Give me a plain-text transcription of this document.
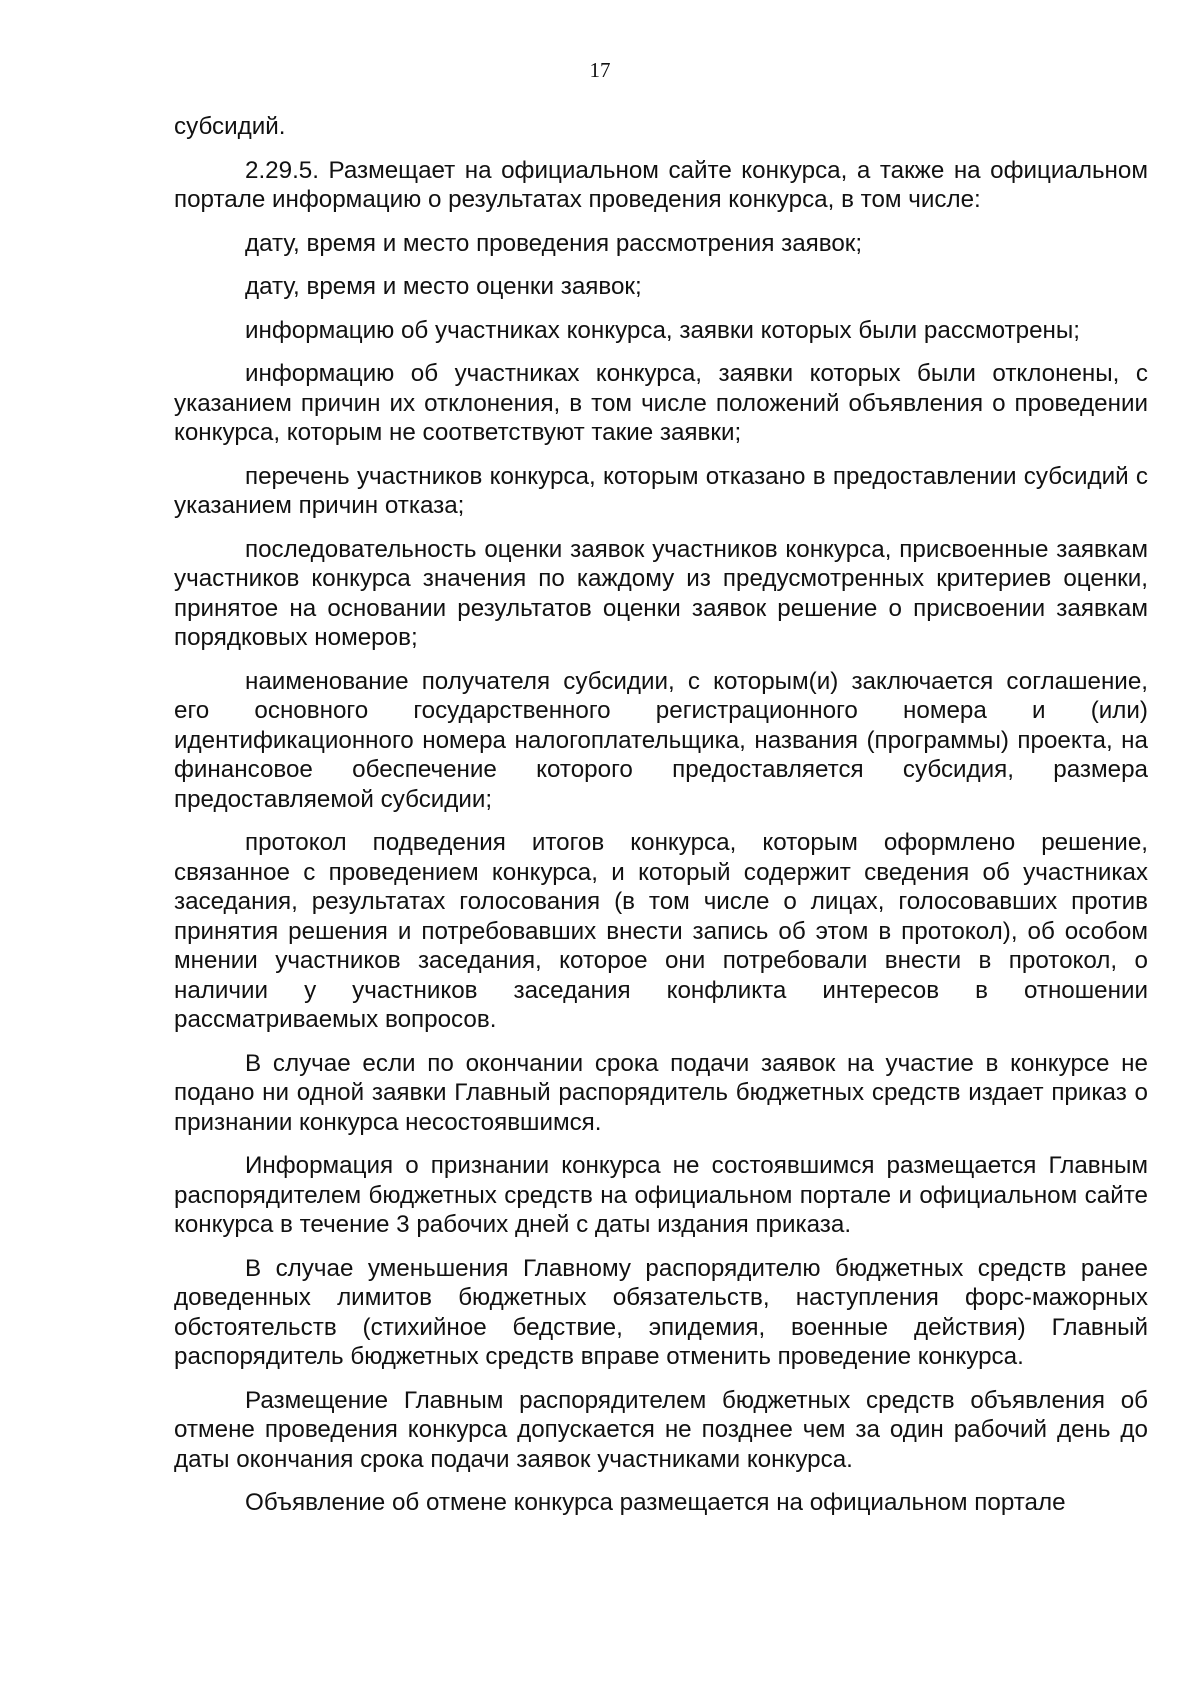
17

субсидий.

2.29.5. Размещает на официальном сайте конкурса, а также на официальном портале информацию о результатах проведения конкурса, в том числе:

дату, время и место проведения рассмотрения заявок;

дату, время и место оценки заявок;

информацию об участниках конкурса, заявки которых были рассмотрены;

информацию об участниках конкурса, заявки которых были отклонены, с указанием причин их отклонения, в том числе положений объявления о проведении конкурса, которым не соответствуют такие заявки;

перечень участников конкурса, которым отказано в предоставлении субсидий с указанием причин отказа;

последовательность оценки заявок участников конкурса, присвоенные заявкам участников конкурса значения по каждому из предусмотренных критериев оценки, принятое на основании результатов оценки заявок решение о присвоении заявкам порядковых номеров;

наименование получателя субсидии, с которым(и) заключается соглашение, его основного государственного регистрационного номера и (или) идентификационного номера налогоплательщика, названия (программы) проекта, на финансовое обеспечение которого предоставляется субсидия, размера предоставляемой субсидии;

протокол подведения итогов конкурса, которым оформлено решение, связанное с проведением конкурса, и который содержит сведения об участниках заседания, результатах голосования (в том числе о лицах, голосовавших против принятия решения и потребовавших внести запись об этом в протокол), об особом мнении участников заседания, которое они потребовали внести в протокол, о наличии у участников заседания конфликта интересов в отношении рассматриваемых вопросов.

В случае если по окончании срока подачи заявок на участие в конкурсе не подано ни одной заявки Главный распорядитель бюджетных средств издает приказ о признании конкурса несостоявшимся.

Информация о признании конкурса не состоявшимся размещается Главным распорядителем бюджетных средств на официальном портале и официальном сайте конкурса в течение 3 рабочих дней с даты издания приказа.

В случае уменьшения Главному распорядителю бюджетных средств ранее доведенных лимитов бюджетных обязательств, наступления форс-мажорных обстоятельств (стихийное бедствие, эпидемия, военные действия) Главный распорядитель бюджетных средств вправе отменить проведение конкурса.

Размещение Главным распорядителем бюджетных средств объявления об отмене проведения конкурса допускается не позднее чем за один рабочий день до даты окончания срока подачи заявок участниками конкурса.

Объявление об отмене конкурса размещается на официальном портале
